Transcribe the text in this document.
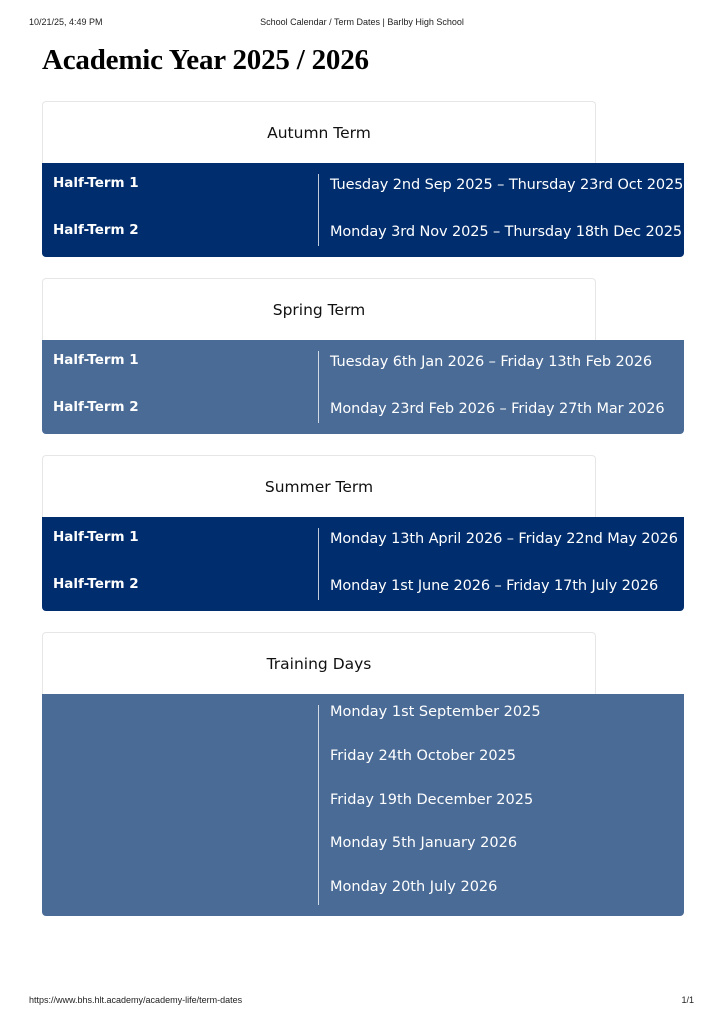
10/21/25, 4:49 PM	School Calendar / Term Dates | Barlby High School
Academic Year 2025 / 2026
Autumn Term
Half-Term 1	Tuesday 2nd Sep 2025 – Thursday 23rd Oct 2025
Half-Term 2	Monday 3rd Nov 2025 – Thursday 18th Dec 2025
Spring Term
Half-Term 1	Tuesday 6th Jan 2026 – Friday 13th Feb 2026
Half-Term 2	Monday 23rd Feb 2026 – Friday 27th Mar 2026
Summer Term
Half-Term 1	Monday 13th April 2026 – Friday 22nd May 2026
Half-Term 2	Monday 1st June 2026 – Friday 17th July 2026
Training Days
Monday 1st September 2025
Friday 24th October 2025
Friday 19th December 2025
Monday 5th January 2026
Monday 20th July 2026
https://www.bhs.hlt.academy/academy-life/term-dates	1/1
